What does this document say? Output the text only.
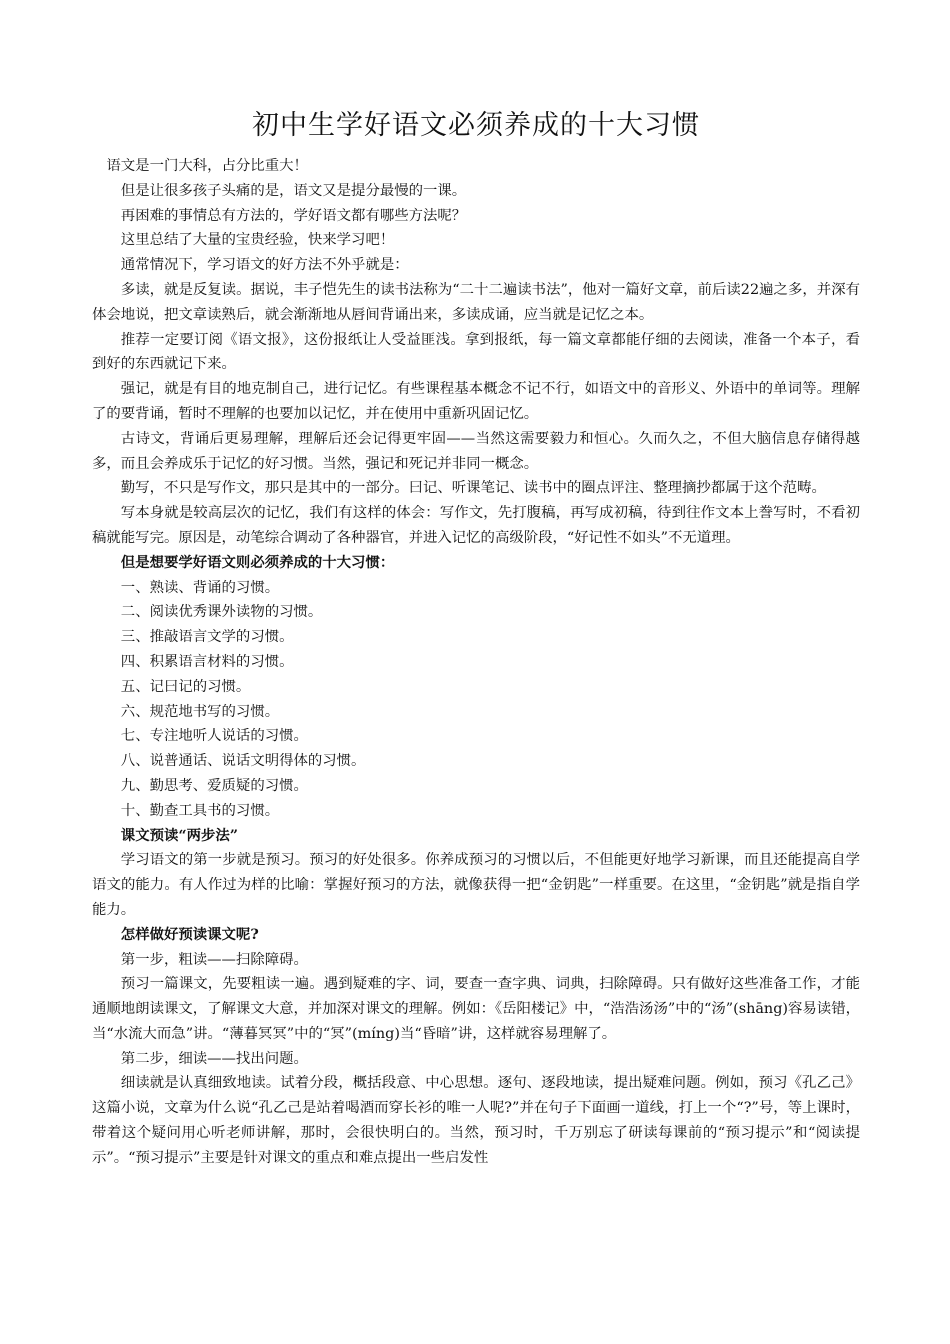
初中生学好语文必须养成的十大习惯

语文是一门大科，占分比重大！

但是让很多孩子头痛的是，语文又是提分最慢的一课。

再困难的事情总有方法的，学好语文都有哪些方法呢？

这里总结了大量的宝贵经验，快来学习吧！

通常情况下，学习语文的好方法不外乎就是：

多读，就是反复读。据说，丰子恺先生的读书法称为“二十二遍读书法”，他对一篇好文章，前后读22遍之多，并深有体会地说，把文章读熟后，就会渐渐地从唇间背诵出来，多读成诵，应当就是记忆之本。

推荐一定要订阅《语文报》，这份报纸让人受益匪浅。拿到报纸，每一篇文章都能仔细的去阅读，准备一个本子，看到好的东西就记下来。

强记，就是有目的地克制自己，进行记忆。有些课程基本概念不记不行，如语文中的音形义、外语中的单词等。理解了的要背诵，暂时不理解的也要加以记忆，并在使用中重新巩固记忆。

古诗文，背诵后更易理解，理解后还会记得更牢固——当然这需要毅力和恒心。久而久之，不但大脑信息存储得越多，而且会养成乐于记忆的好习惯。当然，强记和死记并非同一概念。

勤写，不只是写作文，那只是其中的一部分。曰记、听课笔记、读书中的圈点评注、整理摘抄都属于这个范畴。

写本身就是较高层次的记忆，我们有这样的体会：写作文，先打腹稿，再写成初稿，待到往作文本上誊写时，不看初稿就能写完。原因是，动笔综合调动了各种器官，并进入记忆的高级阶段，“好记性不如头”不无道理。

但是想要学好语文则必须养成的十大习惯：

一、熟读、背诵的习惯。

二、阅读优秀课外读物的习惯。

三、推敲语言文学的习惯。

四、积累语言材料的习惯。

五、记曰记的习惯。

六、规范地书写的习惯。

七、专注地听人说话的习惯。

八、说普通话、说话文明得体的习惯。

九、勤思考、爱质疑的习惯。

十、勤查工具书的习惯。

课文预读“两步法”

学习语文的第一步就是预习。预习的好处很多。你养成预习的习惯以后，不但能更好地学习新课，而且还能提高自学语文的能力。有人作过为样的比喻：掌握好预习的方法，就像获得一把“金钥匙”一样重要。在这里，“金钥匙”就是指自学能力。

怎样做好预读课文呢?

第一步，粗读——扫除障碍。

预习一篇课文，先要粗读一遍。遇到疑难的字、词，要查一查字典、词典，扫除障碍。只有做好这些准备工作，才能通顺地朗读课文，了解课文大意，并加深对课文的理解。例如：《岳阳楼记》中，“浩浩汤汤”中的“汤”(shāng)容易读错，当“水流大而急”讲。“薄暮冥冥”中的“冥”(míng)当“昏暗”讲，这样就容易理解了。

第二步，细读——找出问题。

细读就是认真细致地读。试着分段，概括段意、中心思想。逐句、逐段地读，提出疑难问题。例如，预习《孔乙己》这篇小说，文章为什么说“孔乙己是站着喝酒而穿长衫的唯一人呢?”并在句子下面画一道线，打上一个“?”号，等上课时，带着这个疑问用心听老师讲解，那时，会很快明白的。当然，预习时，千万别忘了研读每课前的“预习提示”和“阅读提示”。“预习提示”主要是针对课文的重点和难点提出一些启发性
